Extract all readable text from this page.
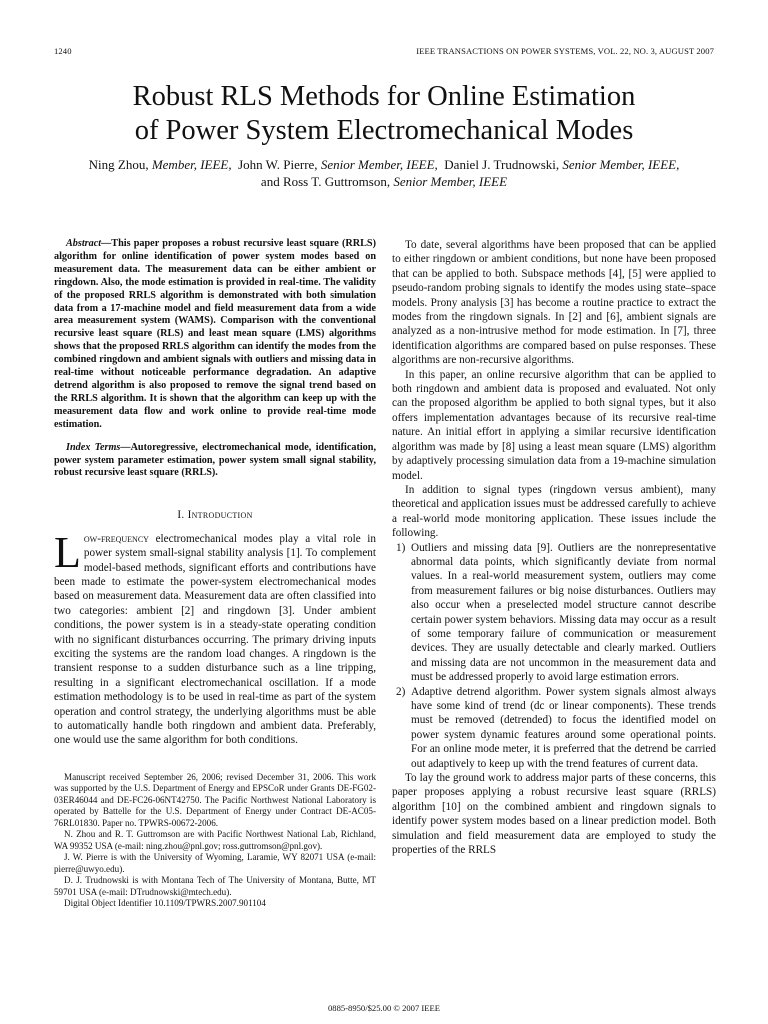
1240	IEEE TRANSACTIONS ON POWER SYSTEMS, VOL. 22, NO. 3, AUGUST 2007
Robust RLS Methods for Online Estimation
of Power System Electromechanical Modes
Ning Zhou, Member, IEEE, John W. Pierre, Senior Member, IEEE, Daniel J. Trudnowski, Senior Member, IEEE,
and Ross T. Guttromson, Senior Member, IEEE

Abstract—This paper proposes a robust recursive least square (RRLS) algorithm for online identification of power system modes based on measurement data. The measurement data can be either ambient or ringdown. Also, the mode estimation is provided in real-time. The validity of the proposed RRLS algorithm is demonstrated with both simulation data from a 17-machine model and field measurement data from a wide area measurement system (WAMS). Comparison with the conventional recursive least square (RLS) and least mean square (LMS) algorithms shows that the proposed RRLS algorithm can identify the modes from the combined ringdown and ambient signals with outliers and missing data in real-time without noticeable performance degradation. An adaptive detrend algorithm is also proposed to remove the signal trend based on the RRLS algorithm. It is shown that the algorithm can keep up with the measurement data flow and work online to provide real-time mode estimation.

Index Terms—Autoregressive, electromechanical mode, identification, power system parameter estimation, power system small signal stability, robust recursive least square (RRLS).

I. Introduction

Low-frequency electromechanical modes play a vital role in power system small-signal stability analysis [1]. To complement model-based methods, significant efforts and contributions have been made to estimate the power-system electromechanical modes based on measurement data. Measurement data are often classified into two categories: ambient [2] and ringdown [3]. Under ambient conditions, the power system is in a steady-state operating condition with no significant disturbances occurring. The primary driving inputs exciting the systems are the random load changes. A ringdown is the transient response to a sudden disturbance such as a line tripping, resulting in a significant electromechanical oscillation. If a mode estimation methodology is to be used in real-time as part of the system operation and control strategy, the underlying algorithms must be able to automatically handle both ringdown and ambient data. Preferably, one would use the same algorithm for both conditions.

Manuscript received September 26, 2006; revised December 31, 2006. This work was supported by the U.S. Department of Energy and EPSCoR under Grants DE-FG02-03ER46044 and DE-FC26-06NT42750. The Pacific Northwest National Laboratory is operated by Battelle for the U.S. Department of Energy under Contract DE-AC05-76RL01830. Paper no. TPWRS-00672-2006.

N. Zhou and R. T. Guttromson are with Pacific Northwest National Lab, Richland, WA 99352 USA (e-mail: ning.zhou@pnl.gov; ross.guttromson@pnl.gov).

J. W. Pierre is with the University of Wyoming, Laramie, WY 82071 USA (e-mail: pierre@uwyo.edu).

D. J. Trudnowski is with Montana Tech of The University of Montana, Butte, MT 59701 USA (e-mail: DTrudnowski@mtech.edu).

Digital Object Identifier 10.1109/TPWRS.2007.901104

To date, several algorithms have been proposed that can be applied to either ringdown or ambient conditions, but none have been proposed that can be applied to both. Subspace methods [4], [5] were applied to pseudo-random probing signals to identify the modes using state–space models. Prony analysis [3] has become a routine practice to extract the modes from the ringdown signals. In [2] and [6], ambient signals are analyzed as a non-intrusive method for mode estimation. In [7], three identification algorithms are compared based on pulse responses. These algorithms are non-recursive algorithms.

In this paper, an online recursive algorithm that can be applied to both ringdown and ambient data is proposed and evaluated. Not only can the proposed algorithm be applied to both signal types, but it also offers implementation advantages because of its recursive real-time nature. An initial effort in applying a similar recursive identification algorithm was made by [8] using a least mean square (LMS) algorithm by adaptively processing simulation data from a 19-machine simulation model.

In addition to signal types (ringdown versus ambient), many theoretical and application issues must be addressed carefully to achieve a real-world mode monitoring application. These issues include the following.

1) Outliers and missing data [9]. Outliers are the nonrepresentative abnormal data points, which significantly deviate from normal values. In a real-world measurement system, outliers may come from measurement failures or big noise disturbances. Outliers may also occur when a preselected model structure cannot describe certain power system behaviors. Missing data may occur as a result of some temporary failure of communication or measurement devices. They are usually detectable and clearly marked. Outliers and missing data are not uncommon in the measurement data and must be addressed properly to avoid large estimation errors.

2) Adaptive detrend algorithm. Power system signals almost always have some kind of trend (dc or linear components). These trends must be removed (detrended) to focus the identified model on power system dynamic features around some operational points. For an online mode meter, it is preferred that the detrend be carried out adaptively to keep up with the trend features of current data.

To lay the ground work to address major parts of these concerns, this paper proposes applying a robust recursive least square (RRLS) algorithm [10] on the combined ambient and ringdown signals to identify power system modes based on a linear prediction model. Both simulation and field measurement data are employed to study the properties of the RRLS

0885-8950/$25.00 © 2007 IEEE
